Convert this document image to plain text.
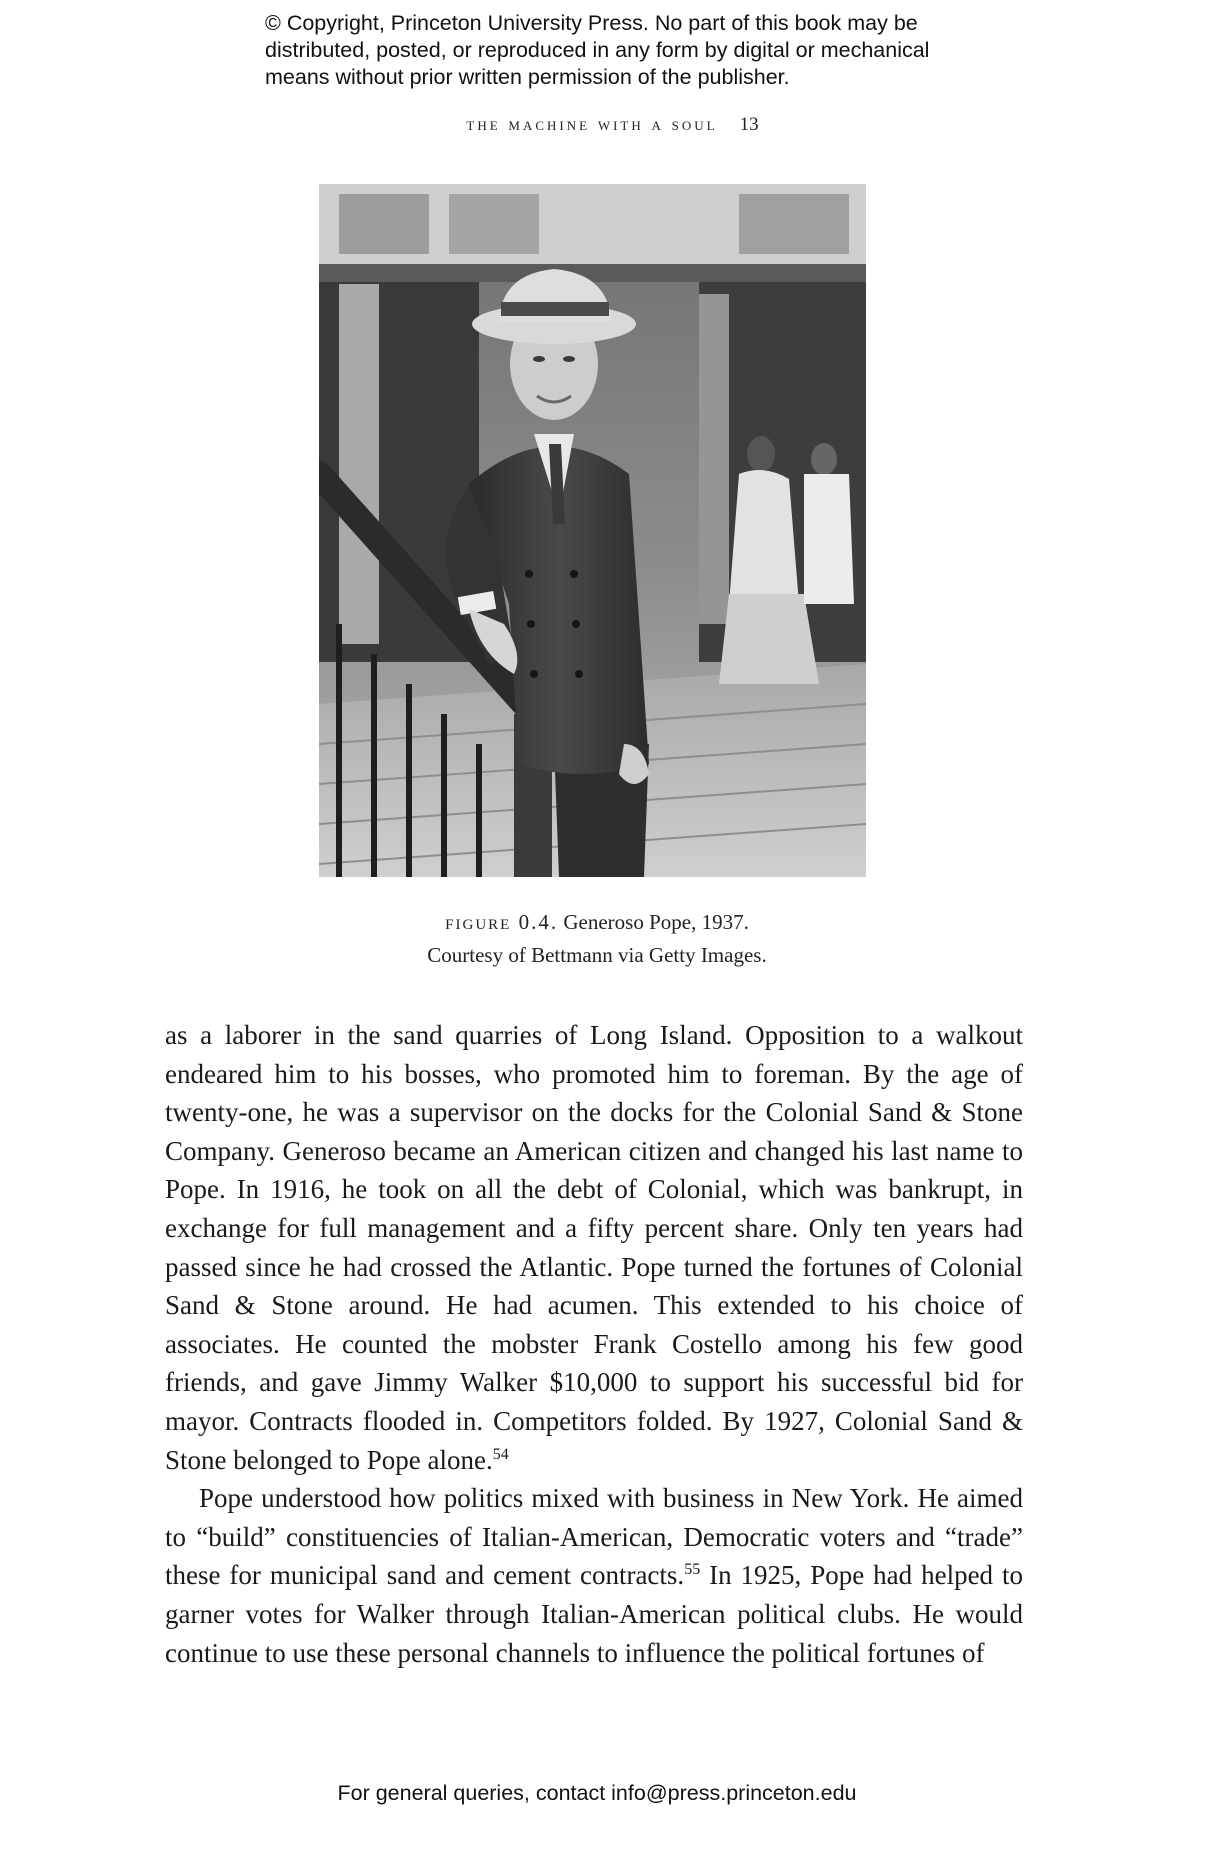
© Copyright, Princeton University Press. No part of this book may be
distributed, posted, or reproduced in any form by digital or mechanical
means without prior written permission of the publisher.
the machine with a soul 13
figure 0.4. Generoso Pope, 1937.
Courtesy of Bettmann via Getty Images.

as a laborer in the sand quarries of Long Island. Opposition to a walkout endeared him to his bosses, who promoted him to foreman. By the age of twenty-one, he was a supervisor on the docks for the Colonial Sand & Stone Company. Generoso became an American citizen and changed his last name to Pope. In 1916, he took on all the debt of Colonial, which was bankrupt, in exchange for full management and a fifty percent share. Only ten years had passed since he had crossed the Atlantic. Pope turned the fortunes of Colonial Sand & Stone around. He had acumen. This extended to his choice of associates. He counted the mobster Frank Costello among his few good friends, and gave Jimmy Walker $10,000 to support his successful bid for mayor. Contracts flooded in. Competitors folded. By 1927, Colonial Sand & Stone belonged to Pope alone.$^{54}$

Pope understood how politics mixed with business in New York. He aimed to “build” constituencies of Italian-American, Democratic voters and “trade” these for municipal sand and cement contracts.$^{55}$ In 1925, Pope had helped to garner votes for Walker through Italian-American political clubs. He would continue to use these personal channels to influence the political fortunes of

For general queries, contact info@press.princeton.edu
